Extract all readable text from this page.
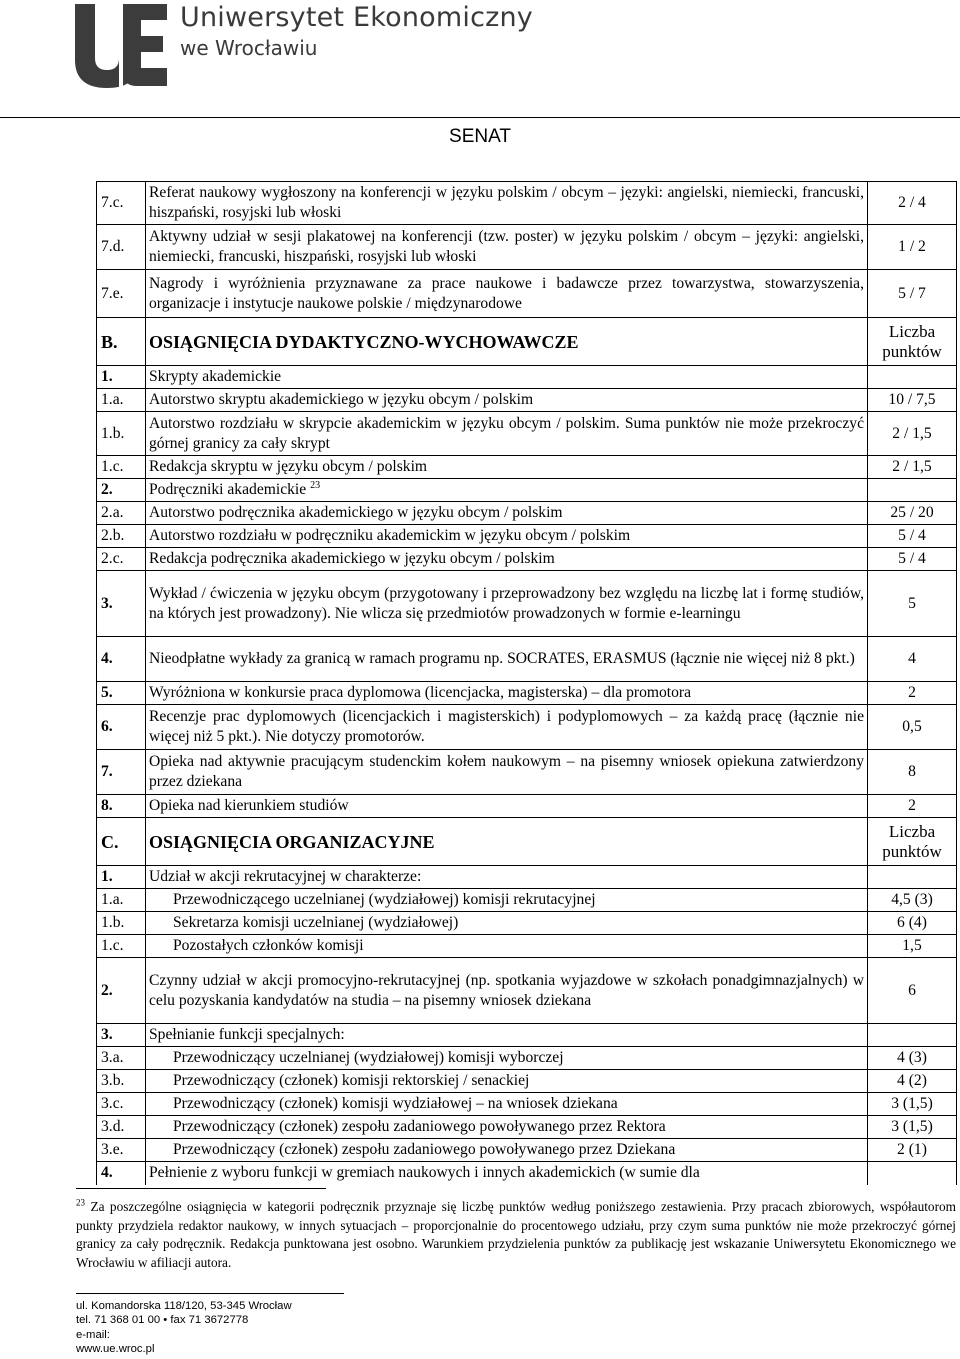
Uniwersytet Ekonomiczny
we Wrocławiu
SENAT
7.c.	Referat naukowy wygłoszony na konferencji w języku polskim / obcym – języki: angielski, niemiecki, francuski, hiszpański, rosyjski lub włoski	2 / 4
7.d.	Aktywny udział w sesji plakatowej na konferencji (tzw. poster) w języku polskim / obcym – języki: angielski, niemiecki, francuski, hiszpański, rosyjski lub włoski	1 / 2
7.e.	Nagrody i wyróżnienia przyznawane za prace naukowe i badawcze przez towarzystwa, stowarzyszenia, organizacje i instytucje naukowe polskie / międzynarodowe	5 / 7
B.	OSIĄGNIĘCIA DYDAKTYCZNO-WYCHOWAWCZE	Liczba punktów
1.	Skrypty akademickie	
1.a.	Autorstwo skryptu akademickiego w języku obcym / polskim	10 / 7,5
1.b.	Autorstwo rozdziału w skrypcie akademickim w języku obcym / polskim. Suma punktów nie może przekroczyć górnej granicy za cały skrypt	2 / 1,5
1.c.	Redakcja skryptu w języku obcym / polskim	2 / 1,5
2.	Podręczniki akademickie $^{23}$	
2.a.	Autorstwo podręcznika akademickiego w języku obcym / polskim	25 / 20
2.b.	Autorstwo rozdziału w podręczniku akademickim w języku obcym / polskim	5 / 4
2.c.	Redakcja podręcznika akademickiego w języku obcym / polskim	5 / 4
3.	Wykład / ćwiczenia w języku obcym (przygotowany i przeprowadzony bez względu na liczbę lat i formę studiów, na których jest prowadzony). Nie wlicza się przedmiotów prowadzonych w formie e-learningu	5
4.	Nieodpłatne wykłady za granicą w ramach programu np. SOCRATES, ERASMUS (łącznie nie więcej niż 8 pkt.)	4
5.	Wyróżniona w konkursie praca dyplomowa (licencjacka, magisterska) – dla promotora	2
6.	Recenzje prac dyplomowych (licencjackich i magisterskich) i podyplomowych – za każdą pracę (łącznie nie więcej niż 5 pkt.). Nie dotyczy promotorów.	0,5
7.	Opieka nad aktywnie pracującym studenckim kołem naukowym – na pisemny wniosek opiekuna zatwierdzony przez dziekana	8
8.	Opieka nad kierunkiem studiów	2
C.	OSIĄGNIĘCIA ORGANIZACYJNE	Liczba punktów
1.	Udział w akcji rekrutacyjnej w charakterze:	
1.a.	Przewodniczącego uczelnianej (wydziałowej) komisji rekrutacyjnej	4,5 (3)
1.b.	Sekretarza komisji uczelnianej (wydziałowej)	6 (4)
1.c.	Pozostałych członków komisji	1,5
2.	Czynny udział w akcji promocyjno-rekrutacyjnej (np. spotkania wyjazdowe w szkołach ponadgimnazjalnych) w celu pozyskania kandydatów na studia – na pisemny wniosek dziekana	6
3.	Spełnianie funkcji specjalnych:	
3.a.	Przewodniczący uczelnianej (wydziałowej) komisji wyborczej	4 (3)
3.b.	Przewodniczący (członek) komisji rektorskiej / senackiej	4 (2)
3.c.	Przewodniczący (członek) komisji wydziałowej – na wniosek dziekana	3 (1,5)
3.d.	Przewodniczący (członek) zespołu zadaniowego powoływanego przez Rektora	3 (1,5)
3.e.	Przewodniczący (członek) zespołu zadaniowego powoływanego przez Dziekana	2 (1)
4.	Pełnienie z wyboru funkcji w gremiach naukowych i innych akademickich (w sumie dla	
$^{23}$ Za poszczególne osiągnięcia w kategorii podręcznik przyznaje się liczbę punktów według poniższego zestawienia. Przy pracach zbiorowych, współautorom punkty przydziela redaktor naukowy, w innych sytuacjach – proporcjonalnie do procentowego udziału, przy czym suma punktów nie może przekroczyć górnej granicy za cały podręcznik. Redakcja punktowana jest osobno. Warunkiem przydzielenia punktów za publikację jest wskazanie Uniwersytetu Ekonomicznego we Wrocławiu w afiliacji autora.
ul. Komandorska 118/120, 53-345 Wrocław
tel. 71 368 01 00 • fax 71 3672778
e-mail:
www.ue.wroc.pl
